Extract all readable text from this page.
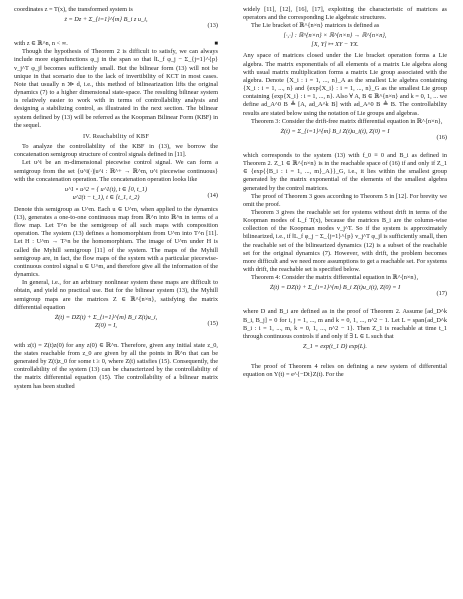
coordinates z = T(x), the transformed system is

ż = Dz + Σ_{i=1}^{m} B_i z u_i,
(13)

with z ∈ ℝ^n, n < ∞.	■

Though the hypothesis of Theorem 2 is difficult to satisfy, we can always include more eigenfunctions φ_j in the span so that ‖L_f φ_j − Σ_{j=1}^{p} v_j^T φ_j‖ becomes sufficiently small. But the bilinear form (13) will not be unique in that scenario due to the lack of invertibility of KCT in most cases. Note that usually n ≫ d, i.e., this method of bilinearization lifts the original dynamics (7) to a higher dimensional state-space. The resulting bilinear system is relatively easier to work with in terms of controllability analysis and designing a stabilizing control, as illustrated in the next section. The bilinear system defined by (13) will be referred as the Koopman Bilinear Form (KBF) in the sequel.

IV. Reachability of KBF

To analyze the controllability of the KBF in (13), we borrow the concatenation semigroup structure of control signals defined in [11].

Let u^i be an m-dimensional piecewise control signal. We can form a semigroup from the set {u^i(·)|u^i : ℝ^+ → ℝ^m, u^i piecewise continuous} with the concatenation operation. The concatenation operation looks like

u^1 ∘ u^2 = { u^1(t), t ∈ [0, t_1)
u^2(t − t_1), t ∈ [t_1, t_2)	(14)

Denote this semigroup as U^m. Each u ∈ U^m, when applied to the dynamics (13), generates a one-to-one continuous map from ℝ^n into ℝ^n in terms of a flow map. Let T^n be the semigroup of all such maps with composition operation. The system (13) defines a homomorphism from U^m into T^n [11]. Let H : U^m → T^n be the homomorphism. The image of U^m under H is called the Myhill semigroup [11] of the system. The maps of the Myhill semigroup are, in fact, the flow maps of the system with a particular piecewise-continuous control signal u ∈ U^m, and therefore give all the information of the dynamics.

In general, i.e., for an arbitrary nonlinear system these maps are difficult to obtain, and yield no practical use. But for the bilinear system (13), the Myhill semigroup maps are the matrices Z ∈ ℝ^{n×n}, satisfying the matrix differential equation

Ż(t) = DZ(t) + Σ_{i=1}^{m} B_i Z(t)u_i,
Z(0) = I,	(15)

with z(t) = Z(t)z(0) for any z(0) ∈ ℝ^n. Therefore, given any initial state z_0, the states reachable from z_0 are given by all the points in ℝ^n that can be generated by Z(t)z_0 for some t ≥ 0, where Z(t) satisfies (15). Consequently, the controllability of the system (13) can be characterized by the controllability of the matrix differential equation (15). The controllability of a bilinear matrix system has been studied

widely [11], [12], [16], [17], exploiting the characteristic of matrices as operators and the corresponding Lie algebraic structures.

The Lie bracket of ℝ^{n×n} matrices is defined as

[·,·] : ℝ^{n×n} × ℝ^{n×n} → ℝ^{n×n},
[X, Y] ↦ XY − YX.

Any space of matrices closed under the Lie bracket operation forms a Lie algebra. The matrix exponentials of all elements of a matrix Lie algebra along with usual matrix multiplication forms a matrix Lie group associated with the algebra. Denote {X_i : i = 1, ..., n}_A as the smallest Lie algebra containing {X_i : i = 1, ..., n} and {exp{X_i} : i = 1, ..., n}_G as the smallest Lie group containing {exp{X_i} : i = 1, ..., n}. Also ∀ A, B ∈ ℝ^{n×n} and k = 0, 1, ... we define ad_A^0 B ≜ [A, ad_A^k B] with ad_A^0 B ≜ B. The controllability results are stated below using the notation of Lie groups and algebras.

Theorem 3: Consider the drift-free matrix differential equation in ℝ^{n×n},

Ż(t) = Σ_{i=1}^{m} B_i Z(t)u_i(t), Z(0) = I
(16)

which corresponds to the system (13) with f_0 ≡ 0 and B_i as defined in Theorem 2. Z_1 ∈ ℝ^{n×n} is in the reachable space of (16) if and only if Z_1 ∈ {exp{{B_i : i = 1, ..., m}_A}}_G, i.e., it lies within the smallest group generated by the matrix exponential of the elements of the smallest algebra generated by the control matrices.

The proof of Theorem 3 goes according to Theorem 5 in [12]. For brevity we omit the proof.

Theorem 3 gives the reachable set for systems without drift in terms of the Koopman modes of L_f T(x), because the matrices B_i are the column-wise collection of the Koopman modes v_j^T. So if the system is approximately bilinearized, i.e., if ‖L_f φ_j − Σ_{j=1}^{p} v_j^T φ_j‖ is sufficiently small, then the reachable set of the bilinearized dynamics (12) is a subset of the reachable set for the original dynamics (7). However, with drift, the problem becomes more difficult and we need more assumptions to get a reachable set. For systems with drift, the reachable set is specified below.

Theorem 4: Consider the matrix differential equation in ℝ^{n×n},

Ż(t) = DZ(t) + Σ_{i=1}^{m} B_i Z(t)u_i(t), Z(0) = I
(17)

where D and B_i are defined as in the proof of Theorem 2. Assume [ad_D^k B_i, B_j] = 0 for i, j = 1, ..., m and k = 0, 1, ..., n^2 − 1. Let L = span{ad_D^k B_i : i = 1, ..., m, k = 0, 1, ..., n^2 − 1}. Then Z_1 is reachable at time t_1 through continuous controls if and only if ∃ L ∈ L such that

Z_1 = exp(t_1 D) exp(L).

The proof of Theorem 4 relies on defining a new system of differential equation on Y(t) = e^{−Dt}Z(t). For the
